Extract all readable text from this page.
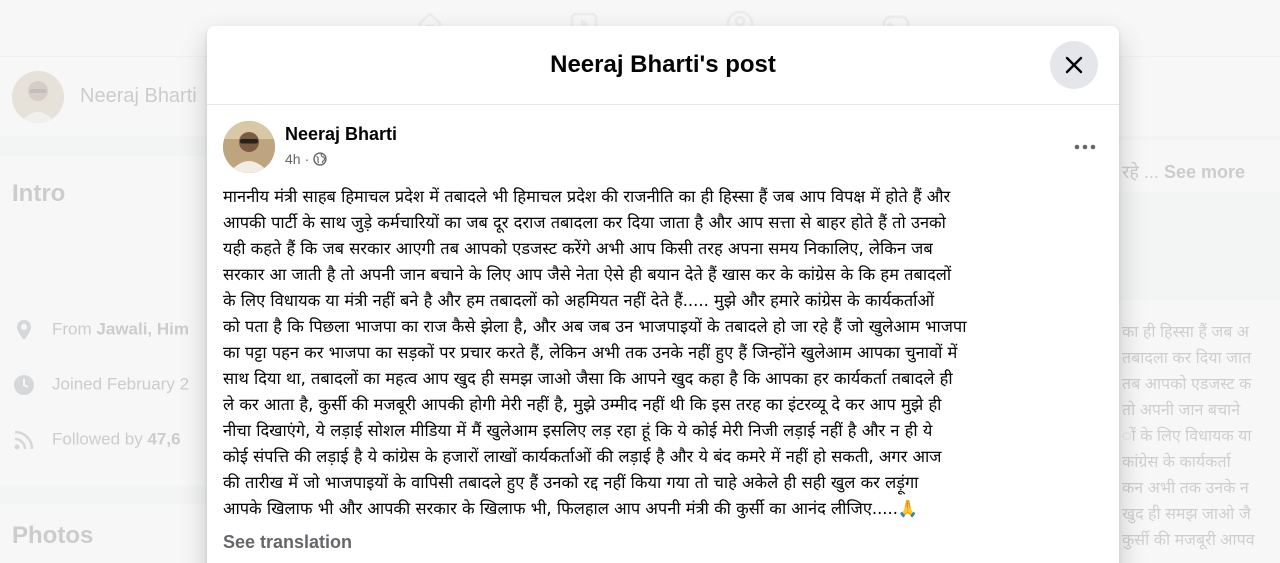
Neeraj Bharti's post
Neeraj Bharti
4h ·
माननीय मंत्री साहब हिमाचल प्रदेश में तबादले भी हिमाचल प्रदेश की राजनीति का ही हिस्सा हैं जब आप विपक्ष में होते हैं और
आपकी पार्टी के साथ जुड़े कर्मचारियों का जब दूर दराज तबादला कर दिया जाता है और आप सत्ता से बाहर होते हैं तो उनको
यही कहते हैं कि जब सरकार आएगी तब आपको एडजस्ट करेंगे अभी आप किसी तरह अपना समय निकालिए, लेकिन जब
सरकार आ जाती है तो अपनी जान बचाने के लिए आप जैसे नेता ऐसे ही बयान देते हैं खास कर के कांग्रेस के कि हम तबादलों
के लिए विधायक या मंत्री नहीं बने है और हम तबादलों को अहमियत नहीं देते हैं..... मुझे और हमारे कांग्रेस के कार्यकर्ताओं
को पता है कि पिछला भाजपा का राज कैसे झेला है, और अब जब उन भाजपाइयों के तबादले हो जा रहे हैं जो खुलेआम भाजपा
का पट्टा पहन कर भाजपा का सड़कों पर प्रचार करते हैं, लेकिन अभी तक उनके नहीं हुए हैं जिन्होंने खुलेआम आपका चुनावों में
साथ दिया था, तबादलों का महत्व आप खुद ही समझ जाओ जैसा कि आपने खुद कहा है कि आपका हर कार्यकर्ता तबादले ही
ले कर आता है, कुर्सी की मजबूरी आपकी होगी मेरी नहीं है, मुझे उम्मीद नहीं थी कि इस तरह का इंटरव्यू दे कर आप मुझे ही
नीचा दिखाएंगे, ये लड़ाई सोशल मीडिया में मैं खुलेआम इसलिए लड़ रहा हूं कि ये कोई मेरी निजी लड़ाई नहीं है और न ही ये
कोई संपत्ति की लड़ाई है ये कांग्रेस के हजारों लाखों कार्यकर्ताओं की लड़ाई है और ये बंद कमरे में नहीं हो सकती, अगर आज
की तारीख में जो भाजपाइयों के वापिसी तबादले हुए हैं उनको रद्द नहीं किया गया तो चाहे अकेले ही सही खुल कर लड़ूंगा
आपके खिलाफ भी और आपकी सरकार के खिलाफ भी, फिलहाल आप अपनी मंत्री की कुर्सी का आनंद लीजिए.....🙏
See translation
